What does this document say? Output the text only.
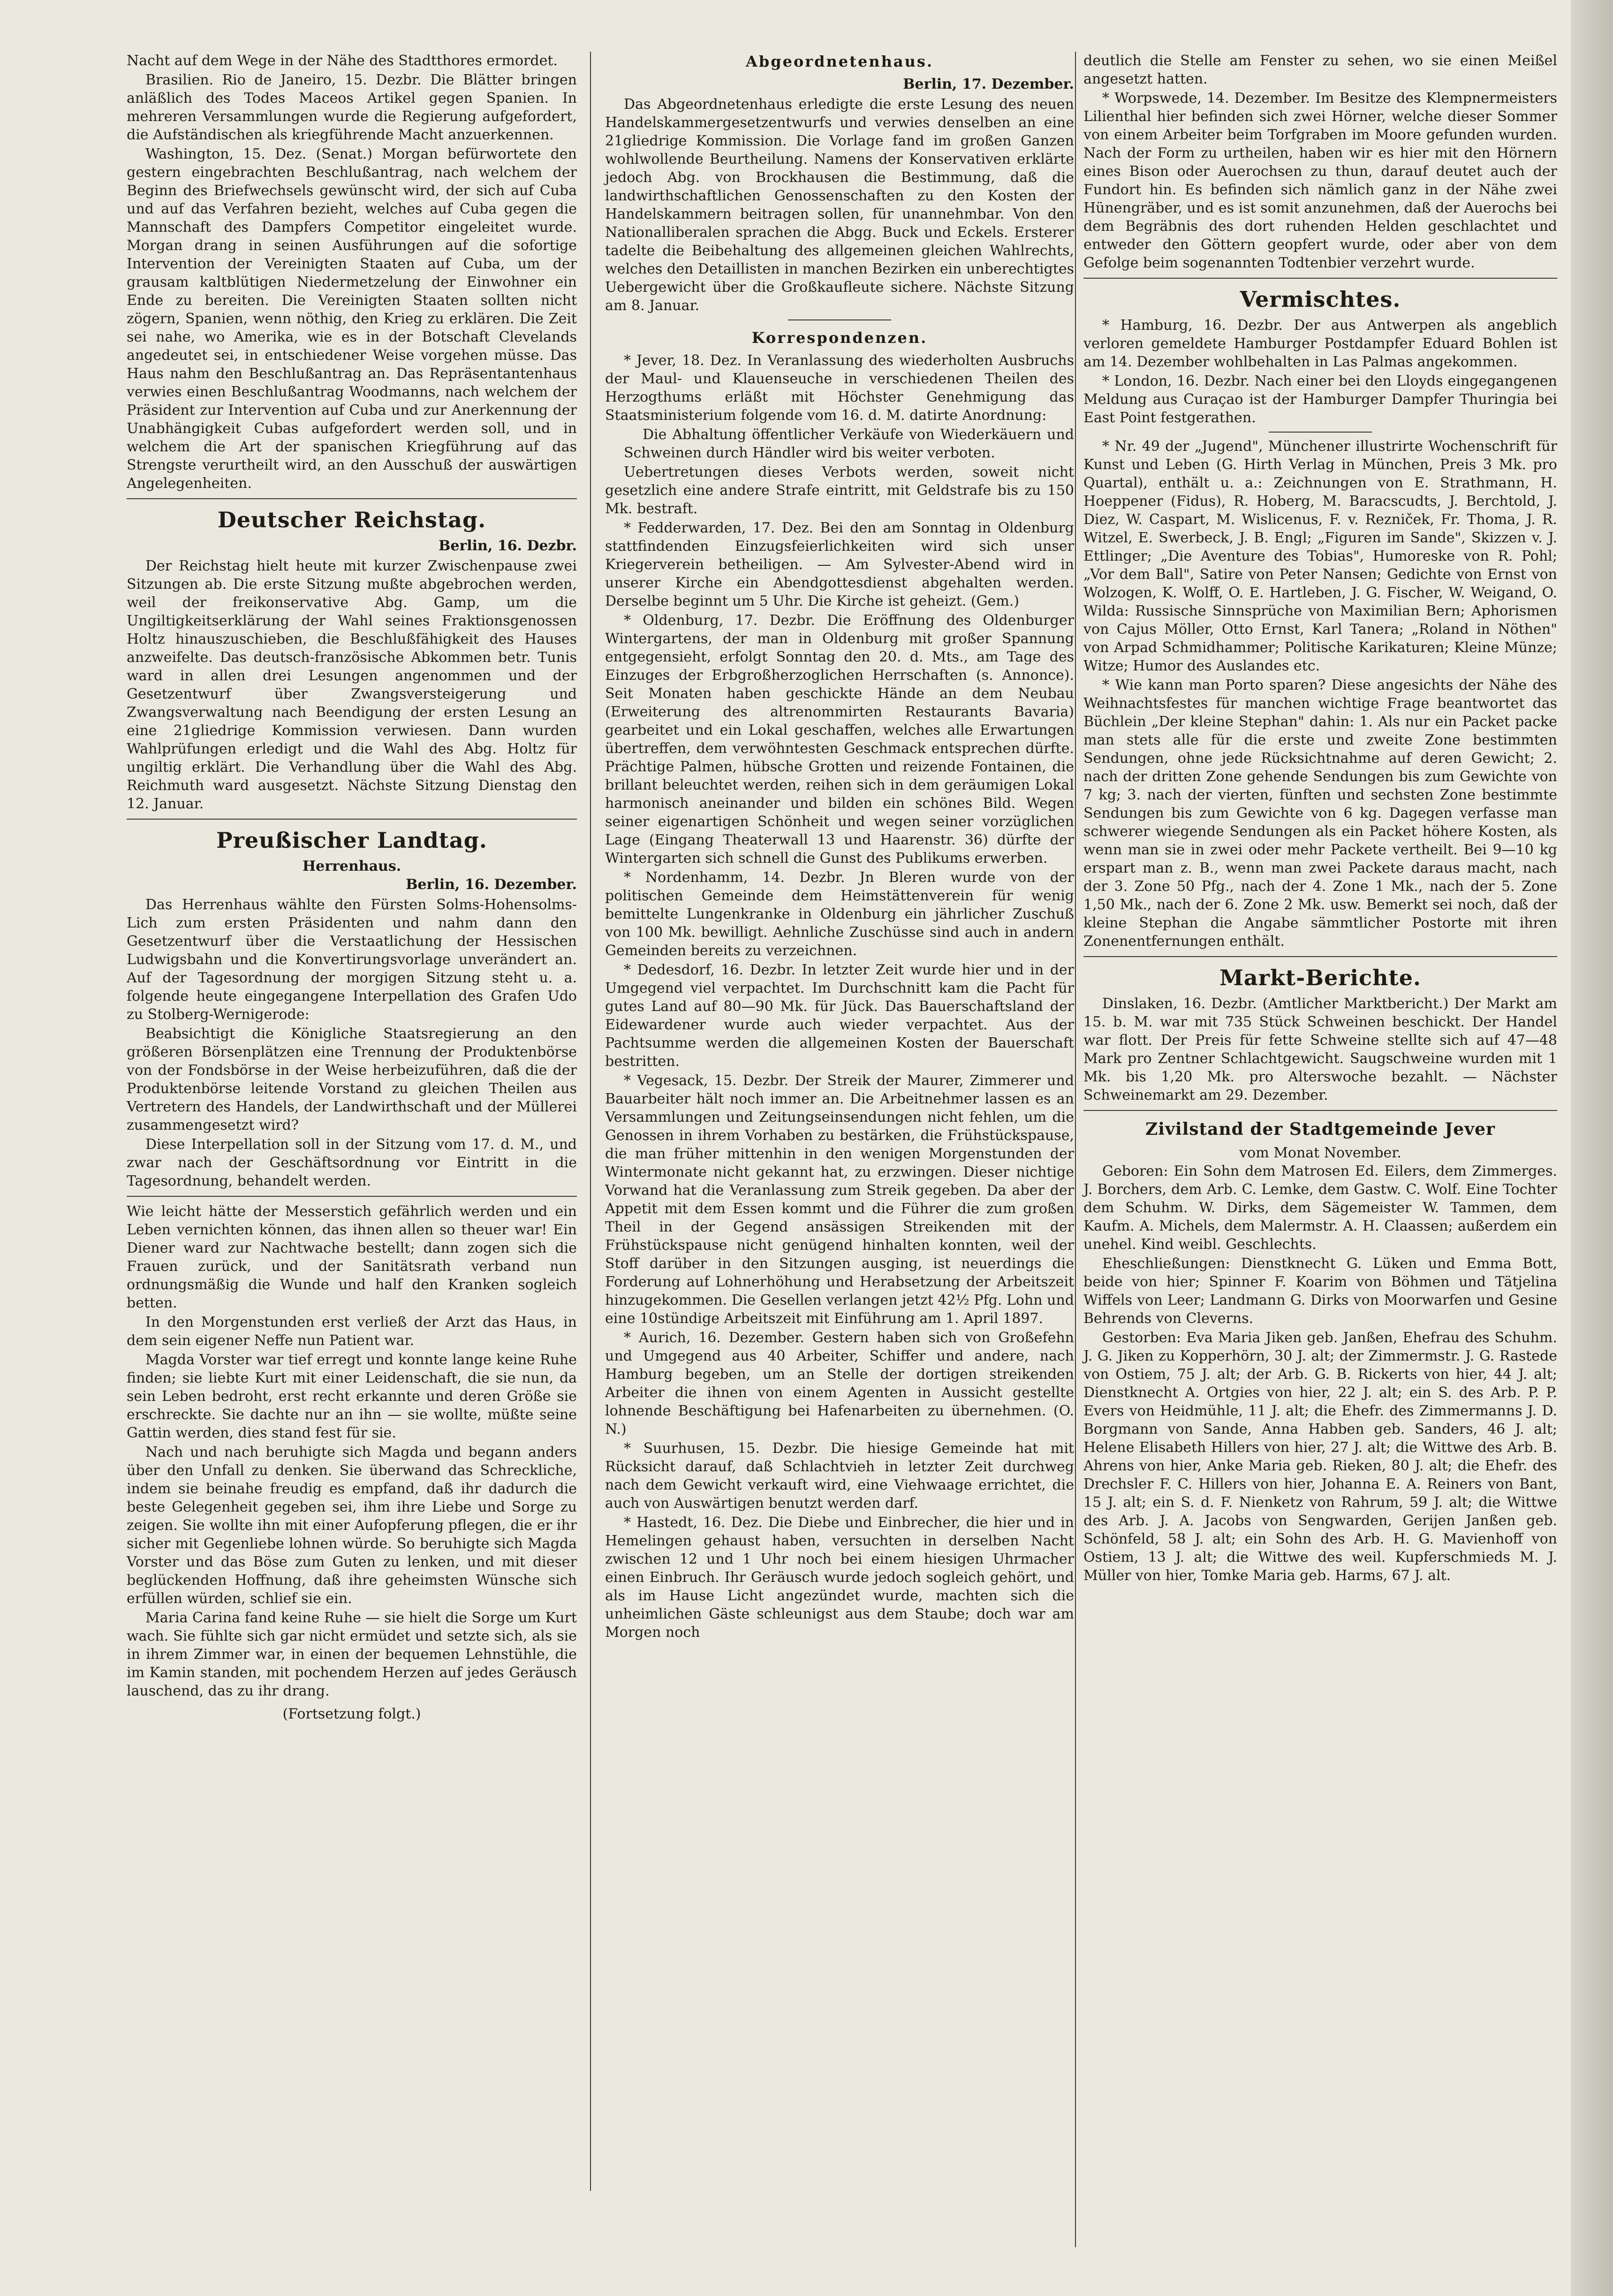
Nacht auf dem Wege in der Nähe des Stadtthores ermordet.

Brasilien. Rio de Janeiro, 15. Dezbr. Die Blätter bringen anläßlich des Todes Maceos Artikel gegen Spanien. In mehreren Versammlungen wurde die Regierung aufgefordert, die Aufständischen als kriegführende Macht anzuerkennen.

Washington, 15. Dez. (Senat.) Morgan befürwortete den gestern eingebrachten Beschlußantrag, nach welchem der Beginn des Briefwechsels gewünscht wird, der sich auf Cuba und auf das Verfahren bezieht, welches auf Cuba gegen die Mannschaft des Dampfers Competitor eingeleitet wurde. Morgan drang in seinen Ausführungen auf die sofortige Intervention der Vereinigten Staaten auf Cuba, um der grausam kaltblütigen Niedermetzelung der Einwohner ein Ende zu bereiten. Die Vereinigten Staaten sollten nicht zögern, Spanien, wenn nöthig, den Krieg zu erklären. Die Zeit sei nahe, wo Amerika, wie es in der Botschaft Clevelands angedeutet sei, in entschiedener Weise vorgehen müsse. Das Haus nahm den Beschlußantrag an. Das Repräsentantenhaus verwies einen Beschlußantrag Woodmanns, nach welchem der Präsident zur Intervention auf Cuba und zur Anerkennung der Unabhängigkeit Cubas aufgefordert werden soll, und in welchem die Art der spanischen Kriegführung auf das Strengste verurtheilt wird, an den Ausschuß der auswärtigen Angelegenheiten.

Deutscher Reichstag.
Berlin, 16. Dezbr.

Der Reichstag hielt heute mit kurzer Zwischenpause zwei Sitzungen ab. Die erste Sitzung mußte abgebrochen werden, weil der freikonservative Abg. Gamp, um die Ungiltigkeitserklärung der Wahl seines Fraktionsgenossen Holtz hinauszuschieben, die Beschlußfähigkeit des Hauses anzweifelte. Das deutsch-französische Abkommen betr. Tunis ward in allen drei Lesungen angenommen und der Gesetzentwurf über Zwangsversteigerung und Zwangsverwaltung nach Beendigung der ersten Lesung an eine 21gliedrige Kommission verwiesen. Dann wurden Wahlprüfungen erledigt und die Wahl des Abg. Holtz für ungiltig erklärt. Die Verhandlung über die Wahl des Abg. Reichmuth ward ausgesetzt. Nächste Sitzung Dienstag den 12. Januar.

Preußischer Landtag.
Herrenhaus.
Berlin, 16. Dezember.

Das Herrenhaus wählte den Fürsten Solms-Hohensolms-Lich zum ersten Präsidenten und nahm dann den Gesetzentwurf über die Verstaatlichung der Hessischen Ludwigsbahn und die Konvertirungsvorlage unverändert an. Auf der Tagesordnung der morgigen Sitzung steht u. a. folgende heute eingegangene Interpellation des Grafen Udo zu Stolberg-Wernigerode:

Beabsichtigt die Königliche Staatsregierung an den größeren Börsenplätzen eine Trennung der Produktenbörse von der Fondsbörse in der Weise herbeizuführen, daß die der Produktenbörse leitende Vorstand zu gleichen Theilen aus Vertretern des Handels, der Landwirthschaft und der Müllerei zusammengesetzt wird?

Diese Interpellation soll in der Sitzung vom 17. d. M., und zwar nach der Geschäftsordnung vor Eintritt in die Tagesordnung, behandelt werden.

Wie leicht hätte der Messerstich gefährlich werden und ein Leben vernichten können, das ihnen allen so theuer war! Ein Diener ward zur Nachtwache bestellt; dann zogen sich die Frauen zurück, und der Sanitätsrath verband nun ordnungsmäßig die Wunde und half den Kranken sogleich betten.

In den Morgenstunden erst verließ der Arzt das Haus, in dem sein eigener Neffe nun Patient war.

Magda Vorster war tief erregt und konnte lange keine Ruhe finden; sie liebte Kurt mit einer Leidenschaft, die sie nun, da sein Leben bedroht, erst recht erkannte und deren Größe sie erschreckte. Sie dachte nur an ihn — sie wollte, müßte seine Gattin werden, dies stand fest für sie.

Nach und nach beruhigte sich Magda und begann anders über den Unfall zu denken. Sie überwand das Schreckliche, indem sie beinahe freudig es empfand, daß ihr dadurch die beste Gelegenheit gegeben sei, ihm ihre Liebe und Sorge zu zeigen. Sie wollte ihn mit einer Aufopferung pflegen, die er ihr sicher mit Gegenliebe lohnen würde. So beruhigte sich Magda Vorster und das Böse zum Guten zu lenken, und mit dieser beglückenden Hoffnung, daß ihre geheimsten Wünsche sich erfüllen würden, schlief sie ein.

Maria Carina fand keine Ruhe — sie hielt die Sorge um Kurt wach. Sie fühlte sich gar nicht ermüdet und setzte sich, als sie in ihrem Zimmer war, in einen der bequemen Lehnstühle, die im Kamin standen, mit pochendem Herzen auf jedes Geräusch lauschend, das zu ihr drang.

(Fortsetzung folgt.)
Abgeordnetenhaus.
Berlin, 17. Dezember.

Das Abgeordnetenhaus erledigte die erste Lesung des neuen Handelskammergesetzentwurfs und verwies denselben an eine 21gliedrige Kommission. Die Vorlage fand im großen Ganzen wohlwollende Beurtheilung. Namens der Konservativen erklärte jedoch Abg. von Brockhausen die Bestimmung, daß die landwirthschaftlichen Genossenschaften zu den Kosten der Handelskammern beitragen sollen, für unannehmbar. Von den Nationalliberalen sprachen die Abgg. Buck und Eckels. Ersterer tadelte die Beibehaltung des allgemeinen gleichen Wahlrechts, welches den Detaillisten in manchen Bezirken ein unberechtigtes Uebergewicht über die Großkaufleute sichere. Nächste Sitzung am 8. Januar.

Korrespondenzen.

* Jever, 18. Dez. In Veranlassung des wiederholten Ausbruchs der Maul- und Klauenseuche in verschiedenen Theilen des Herzogthums erläßt mit Höchster Genehmigung das Staatsministerium folgende vom 16. d. M. datirte Anordnung:

Die Abhaltung öffentlicher Verkäufe von Wiederkäuern und Schweinen durch Händler wird bis weiter verboten.

Uebertretungen dieses Verbots werden, soweit nicht gesetzlich eine andere Strafe eintritt, mit Geldstrafe bis zu 150 Mk. bestraft.

* Fedderwarden, 17. Dez. Bei den am Sonntag in Oldenburg stattfindenden Einzugsfeierlichkeiten wird sich unser Kriegerverein betheiligen. — Am Sylvester-Abend wird in unserer Kirche ein Abendgottesdienst abgehalten werden. Derselbe beginnt um 5 Uhr. Die Kirche ist geheizt. (Gem.)

* Oldenburg, 17. Dezbr. Die Eröffnung des Oldenburger Wintergartens, der man in Oldenburg mit großer Spannung entgegensieht, erfolgt Sonntag den 20. d. Mts., am Tage des Einzuges der Erbgroßherzoglichen Herrschaften (s. Annonce). Seit Monaten haben geschickte Hände an dem Neubau (Erweiterung des altrenommirten Restaurants Bavaria) gearbeitet und ein Lokal geschaffen, welches alle Erwartungen übertreffen, dem verwöhntesten Geschmack entsprechen dürfte. Prächtige Palmen, hübsche Grotten und reizende Fontainen, die brillant beleuchtet werden, reihen sich in dem geräumigen Lokal harmonisch aneinander und bilden ein schönes Bild. Wegen seiner eigenartigen Schönheit und wegen seiner vorzüglichen Lage (Eingang Theaterwall 13 und Haarenstr. 36) dürfte der Wintergarten sich schnell die Gunst des Publikums erwerben.

* Nordenhamm, 14. Dezbr. Jn Bleren wurde von der politischen Gemeinde dem Heimstättenverein für wenig bemittelte Lungenkranke in Oldenburg ein jährlicher Zuschuß von 100 Mk. bewilligt. Aehnliche Zuschüsse sind auch in andern Gemeinden bereits zu verzeichnen.

* Dedesdorf, 16. Dezbr. In letzter Zeit wurde hier und in der Umgegend viel verpachtet. Im Durchschnitt kam die Pacht für gutes Land auf 80—90 Mk. für Jück. Das Bauerschaftsland der Eidewardener wurde auch wieder verpachtet. Aus der Pachtsumme werden die allgemeinen Kosten der Bauerschaft bestritten.

* Vegesack, 15. Dezbr. Der Streik der Maurer, Zimmerer und Bauarbeiter hält noch immer an. Die Arbeitnehmer lassen es an Versammlungen und Zeitungseinsendungen nicht fehlen, um die Genossen in ihrem Vorhaben zu bestärken, die Frühstückspause, die man früher mittenhin in den wenigen Morgenstunden der Wintermonate nicht gekannt hat, zu erzwingen. Dieser nichtige Vorwand hat die Veranlassung zum Streik gegeben. Da aber der Appetit mit dem Essen kommt und die Führer die zum großen Theil in der Gegend ansässigen Streikenden mit der Frühstückspause nicht genügend hinhalten konnten, weil der Stoff darüber in den Sitzungen ausging, ist neuerdings die Forderung auf Lohnerhöhung und Herabsetzung der Arbeitszeit hinzugekommen. Die Gesellen verlangen jetzt 42½ Pfg. Lohn und eine 10stündige Arbeitszeit mit Einführung am 1. April 1897.

* Aurich, 16. Dezember. Gestern haben sich von Großefehn und Umgegend aus 40 Arbeiter, Schiffer und andere, nach Hamburg begeben, um an Stelle der dortigen streikenden Arbeiter die ihnen von einem Agenten in Aussicht gestellte lohnende Beschäftigung bei Hafenarbeiten zu übernehmen. (O. N.)

* Suurhusen, 15. Dezbr. Die hiesige Gemeinde hat mit Rücksicht darauf, daß Schlachtvieh in letzter Zeit durchweg nach dem Gewicht verkauft wird, eine Viehwaage errichtet, die auch von Auswärtigen benutzt werden darf.

* Hastedt, 16. Dez. Die Diebe und Einbrecher, die hier und in Hemelingen gehaust haben, versuchten in derselben Nacht zwischen 12 und 1 Uhr noch bei einem hiesigen Uhrmacher einen Einbruch. Ihr Geräusch wurde jedoch sogleich gehört, und als im Hause Licht angezündet wurde, machten sich die unheimlichen Gäste schleunigst aus dem Staube; doch war am Morgen noch

deutlich die Stelle am Fenster zu sehen, wo sie einen Meißel angesetzt hatten.

* Worpswede, 14. Dezember. Im Besitze des Klempnermeisters Lilienthal hier befinden sich zwei Hörner, welche dieser Sommer von einem Arbeiter beim Torfgraben im Moore gefunden wurden. Nach der Form zu urtheilen, haben wir es hier mit den Hörnern eines Bison oder Auerochsen zu thun, darauf deutet auch der Fundort hin. Es befinden sich nämlich ganz in der Nähe zwei Hünengräber, und es ist somit anzunehmen, daß der Auerochs bei dem Begräbnis des dort ruhenden Helden geschlachtet und entweder den Göttern geopfert wurde, oder aber von dem Gefolge beim sogenannten Todtenbier verzehrt wurde.

Vermischtes.

* Hamburg, 16. Dezbr. Der aus Antwerpen als angeblich verloren gemeldete Hamburger Postdampfer Eduard Bohlen ist am 14. Dezember wohlbehalten in Las Palmas angekommen.

* London, 16. Dezbr. Nach einer bei den Lloyds eingegangenen Meldung aus Curaçao ist der Hamburger Dampfer Thuringia bei East Point festgerathen.

* Nr. 49 der „Jugend", Münchener illustrirte Wochenschrift für Kunst und Leben (G. Hirth Verlag in München, Preis 3 Mk. pro Quartal), enthält u. a.: Zeichnungen von E. Strathmann, H. Hoeppener (Fidus), R. Hoberg, M. Baracscudts, J. Berchtold, J. Diez, W. Caspart, M. Wislicenus, F. v. Rezniček, Fr. Thoma, J. R. Witzel, E. Swerbeck, J. B. Engl; „Figuren im Sande", Skizzen v. J. Ettlinger; „Die Aventure des Tobias", Humoreske von R. Pohl; „Vor dem Ball", Satire von Peter Nansen; Gedichte von Ernst von Wolzogen, K. Wolff, O. E. Hartleben, J. G. Fischer, W. Weigand, O. Wilda: Russische Sinnsprüche von Maximilian Bern; Aphorismen von Cajus Möller, Otto Ernst, Karl Tanera; „Roland in Nöthen" von Arpad Schmidhammer; Politische Karikaturen; Kleine Münze; Witze; Humor des Auslandes etc.

* Wie kann man Porto sparen? Diese angesichts der Nähe des Weihnachtsfestes für manchen wichtige Frage beantwortet das Büchlein „Der kleine Stephan" dahin: 1. Als nur ein Packet packe man stets alle für die erste und zweite Zone bestimmten Sendungen, ohne jede Rücksichtnahme auf deren Gewicht; 2. nach der dritten Zone gehende Sendungen bis zum Gewichte von 7 kg; 3. nach der vierten, fünften und sechsten Zone bestimmte Sendungen bis zum Gewichte von 6 kg. Dagegen verfasse man schwerer wiegende Sendungen als ein Packet höhere Kosten, als wenn man sie in zwei oder mehr Packete vertheilt. Bei 9—10 kg erspart man z. B., wenn man zwei Packete daraus macht, nach der 3. Zone 50 Pfg., nach der 4. Zone 1 Mk., nach der 5. Zone 1,50 Mk., nach der 6. Zone 2 Mk. usw. Bemerkt sei noch, daß der kleine Stephan die Angabe sämmtlicher Postorte mit ihren Zonenentfernungen enthält.

Markt-Berichte.

Dinslaken, 16. Dezbr. (Amtlicher Marktbericht.) Der Markt am 15. b. M. war mit 735 Stück Schweinen beschickt. Der Handel war flott. Der Preis für fette Schweine stellte sich auf 47—48 Mark pro Zentner Schlachtgewicht. Saugschweine wurden mit 1 Mk. bis 1,20 Mk. pro Alterswoche bezahlt. — Nächster Schweinemarkt am 29. Dezember.

Zivilstand der Stadtgemeinde Jever
vom Monat November.

Geboren: Ein Sohn dem Matrosen Ed. Eilers, dem Zimmerges. J. Borchers, dem Arb. C. Lemke, dem Gastw. C. Wolf. Eine Tochter dem Schuhm. W. Dirks, dem Sägemeister W. Tammen, dem Kaufm. A. Michels, dem Malermstr. A. H. Claassen; außerdem ein unehel. Kind weibl. Geschlechts.

Eheschließungen: Dienstknecht G. Lüken und Emma Bott, beide von hier; Spinner F. Koarim von Böhmen und Tätjelina Wiffels von Leer; Landmann G. Dirks von Moorwarfen und Gesine Behrends von Cleverns.

Gestorben: Eva Maria Jiken geb. Janßen, Ehefrau des Schuhm. J. G. Jiken zu Kopperhörn, 30 J. alt; der Zimmermstr. J. G. Rastede von Ostiem, 75 J. alt; der Arb. G. B. Rickerts von hier, 44 J. alt; Dienstknecht A. Ortgies von hier, 22 J. alt; ein S. des Arb. P. P. Evers von Heidmühle, 11 J. alt; die Ehefr. des Zimmermanns J. D. Borgmann von Sande, Anna Habben geb. Sanders, 46 J. alt; Helene Elisabeth Hillers von hier, 27 J. alt; die Wittwe des Arb. B. Ahrens von hier, Anke Maria geb. Rieken, 80 J. alt; die Ehefr. des Drechsler F. C. Hillers von hier, Johanna E. A. Reiners von Bant, 15 J. alt; ein S. d. F. Nienketz von Rahrum, 59 J. alt; die Wittwe des Arb. J. A. Jacobs von Sengwarden, Gerijen Janßen geb. Schönfeld, 58 J. alt; ein Sohn des Arb. H. G. Mavienhoff von Ostiem, 13 J. alt; die Wittwe des weil. Kupferschmieds M. J. Müller von hier, Tomke Maria geb. Harms, 67 J. alt.
